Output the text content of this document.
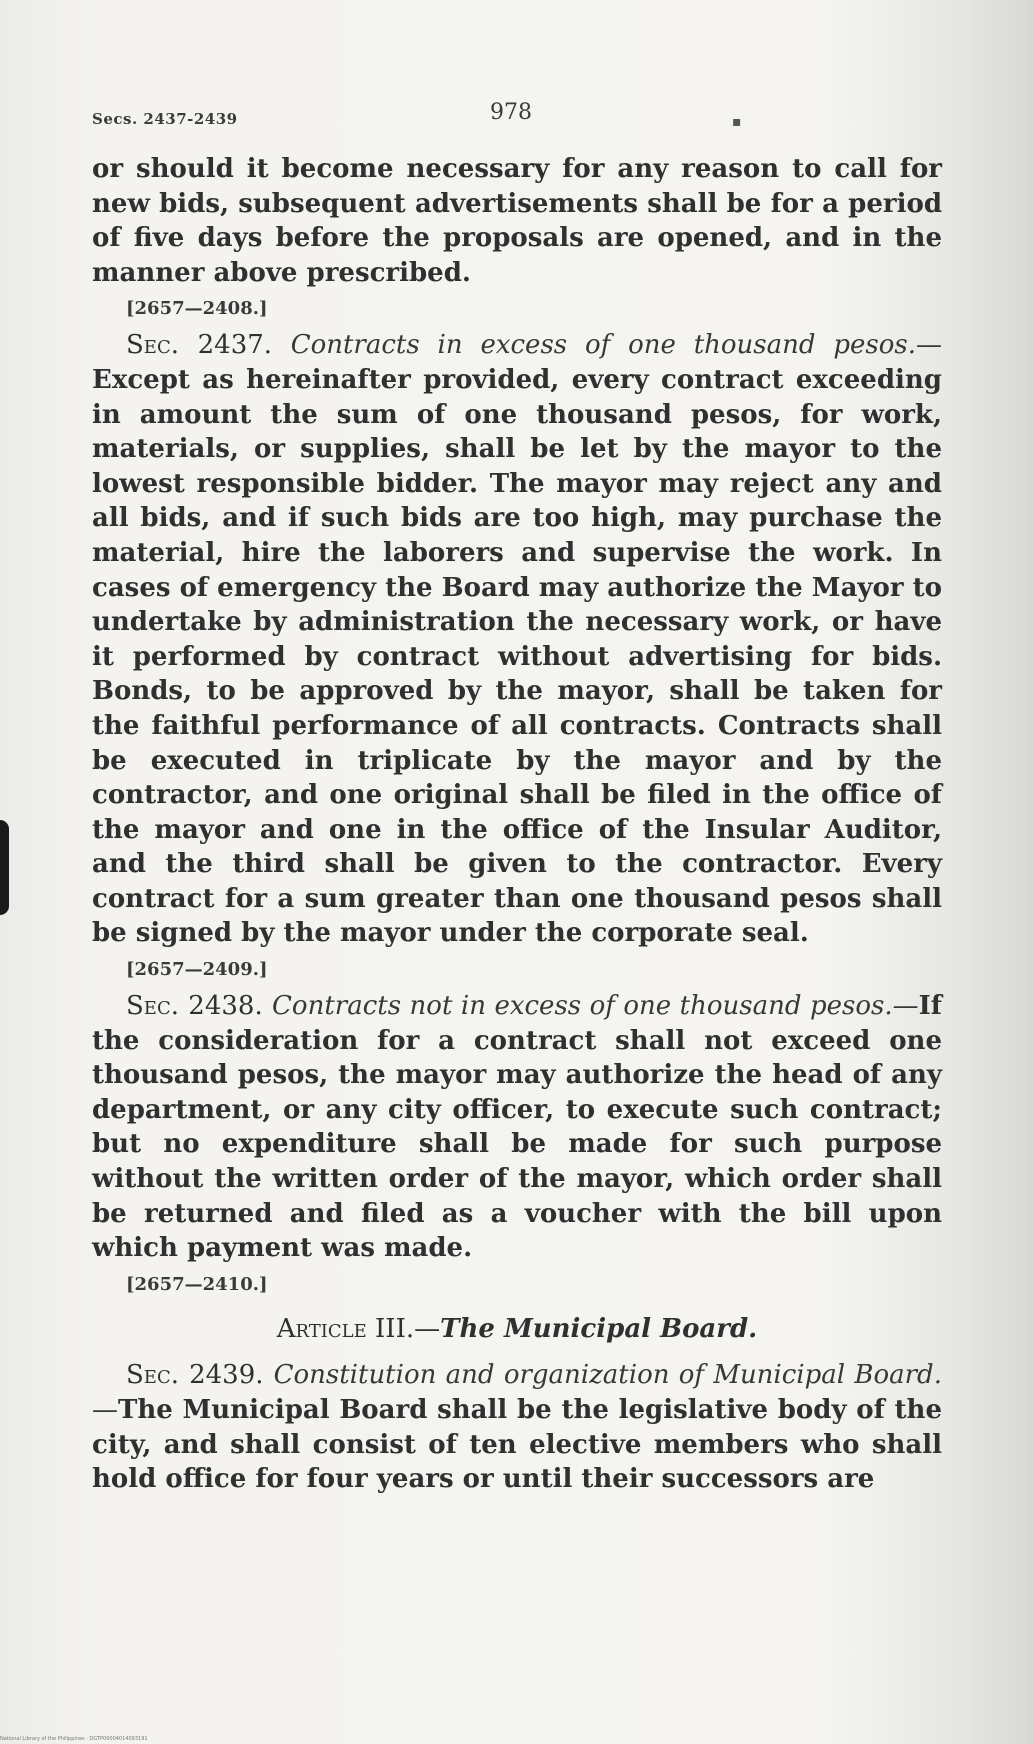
Secs. 2437-2439	978	▪

or should it become necessary for any reason to call for new bids, subsequent advertisements shall be for a period of five days before the proposals are opened, and in the manner above prescribed.

[2657—2408.]

Sec. 2437. Contracts in excess of one thousand pesos.—Except as hereinafter provided, every contract exceeding in amount the sum of one thousand pesos, for work, materials, or supplies, shall be let by the mayor to the lowest responsible bidder. The mayor may reject any and all bids, and if such bids are too high, may purchase the material, hire the laborers and supervise the work. In cases of emergency the Board may authorize the Mayor to undertake by administration the necessary work, or have it performed by contract without advertising for bids. Bonds, to be approved by the mayor, shall be taken for the faithful performance of all contracts. Contracts shall be executed in triplicate by the mayor and by the contractor, and one original shall be filed in the office of the mayor and one in the office of the Insular Auditor, and the third shall be given to the contractor. Every contract for a sum greater than one thousand pesos shall be signed by the mayor under the corporate seal.

[2657—2409.]

Sec. 2438. Contracts not in excess of one thousand pesos.—If the consideration for a contract shall not exceed one thousand pesos, the mayor may authorize the head of any department, or any city officer, to execute such contract; but no expenditure shall be made for such purpose without the written order of the mayor, which order shall be returned and filed as a voucher with the bill upon which payment was made.

[2657—2410.]

Article III.—The Municipal Board.

Sec. 2439. Constitution and organization of Municipal Board.—The Municipal Board shall be the legislative body of the city, and shall consist of ten elective members who shall hold office for four years or until their successors are

National Library of the Philippines · DGTP00004014093191
